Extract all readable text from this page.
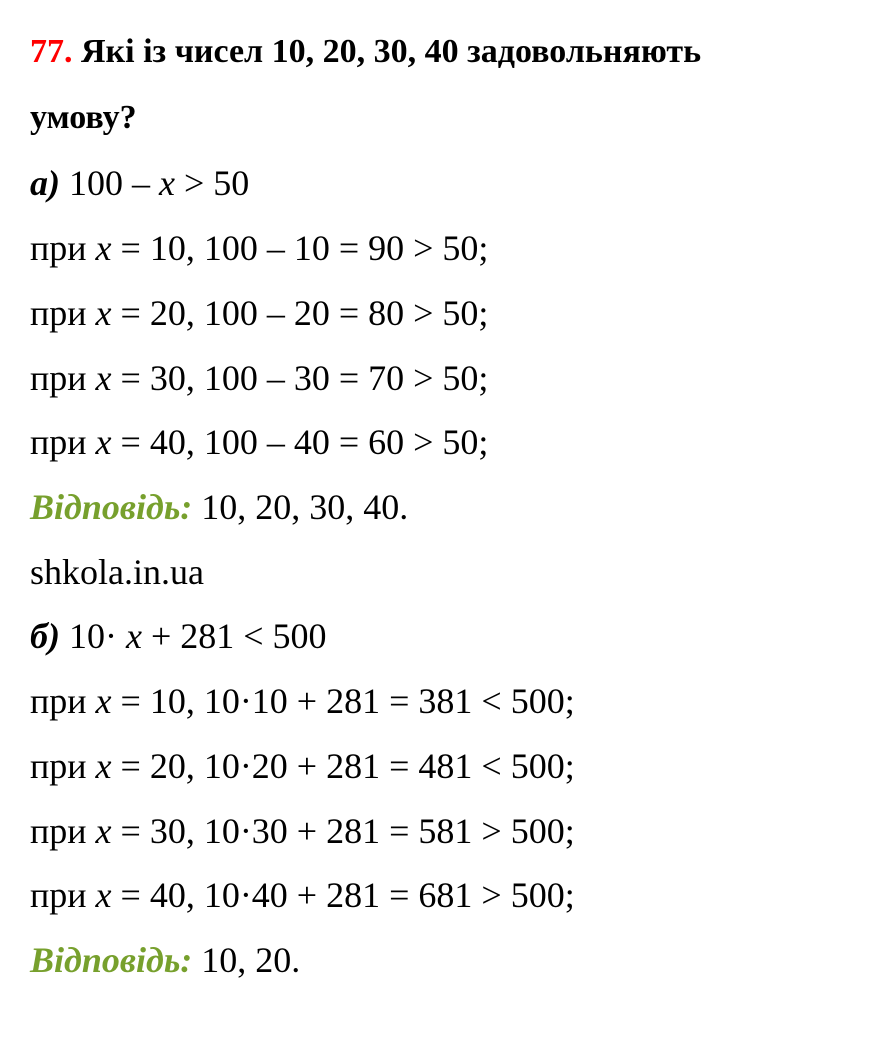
77. Які із чисел 10, 20, 30, 40 задовольняють
умову?
а) 100 – x > 50
при x = 10, 100 – 10 = 90 > 50;
при x = 20, 100 – 20 = 80 > 50;
при x = 30, 100 – 30 = 70 > 50;
при x = 40, 100 – 40 = 60 > 50;
Відповідь: 10, 20, 30, 40.
shkola.in.ua
б) 10· x + 281 < 500
при x = 10, 10·10 + 281 = 381 < 500;
при x = 20, 10·20 + 281 = 481 < 500;
при x = 30, 10·30 + 281 = 581 > 500;
при x = 40, 10·40 + 281 = 681 > 500;
Відповідь: 10, 20.
